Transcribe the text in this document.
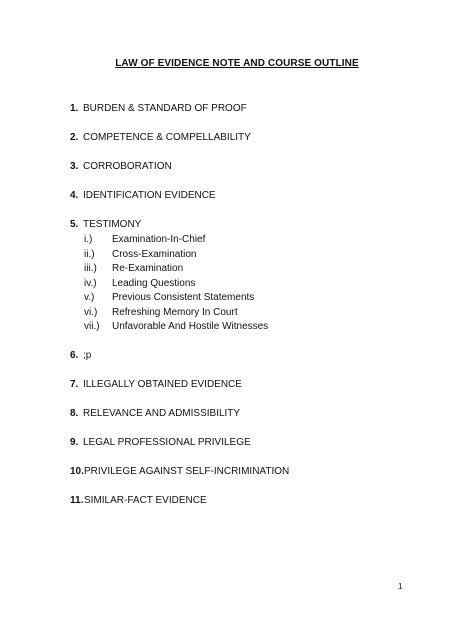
LAW OF EVIDENCE NOTE AND COURSE OUTLINE
1. BURDEN & STANDARD OF PROOF
2. COMPETENCE & COMPELLABILITY
3. CORROBORATION
4. IDENTIFICATION EVIDENCE
5. TESTIMONY
i.)	Examination-In-Chief
ii.)	Cross-Examination
iii.)	Re-Examination
iv.)	Leading Questions
v.)	Previous Consistent Statements
vi.)	Refreshing Memory In Court
vii.)	Unfavorable And Hostile Witnesses
6. ;p
7. ILLEGALLY OBTAINED EVIDENCE
8. RELEVANCE AND ADMISSIBILITY
9. LEGAL PROFESSIONAL PRIVILEGE
10. PRIVILEGE AGAINST SELF-INCRIMINATION
11. SIMILAR-FACT EVIDENCE
1
